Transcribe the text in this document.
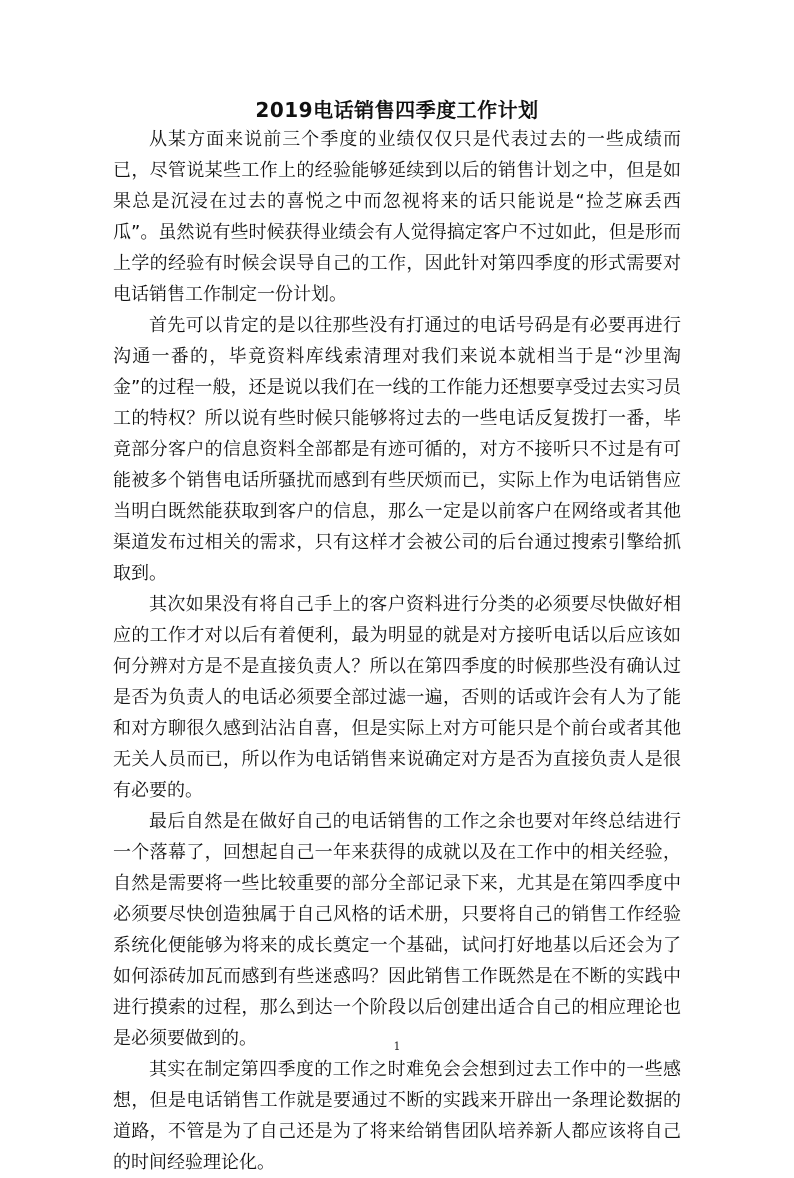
2019电话销售四季度工作计划

从某方面来说前三个季度的业绩仅仅只是代表过去的一些成绩而已，尽管说某些工作上的经验能够延续到以后的销售计划之中，但是如果总是沉浸在过去的喜悦之中而忽视将来的话只能说是“捡芝麻丢西瓜”。虽然说有些时候获得业绩会有人觉得搞定客户不过如此，但是形而上学的经验有时候会误导自己的工作，因此针对第四季度的形式需要对电话销售工作制定一份计划。

首先可以肯定的是以往那些没有打通过的电话号码是有必要再进行沟通一番的，毕竟资料库线索清理对我们来说本就相当于是“沙里淘金”的过程一般，还是说以我们在一线的工作能力还想要享受过去实习员工的特权？所以说有些时候只能够将过去的一些电话反复拨打一番，毕竟部分客户的信息资料全部都是有迹可循的，对方不接听只不过是有可能被多个销售电话所骚扰而感到有些厌烦而已，实际上作为电话销售应当明白既然能获取到客户的信息，那么一定是以前客户在网络或者其他渠道发布过相关的需求，只有这样才会被公司的后台通过搜索引擎给抓取到。

其次如果没有将自己手上的客户资料进行分类的必须要尽快做好相应的工作才对以后有着便利，最为明显的就是对方接听电话以后应该如何分辨对方是不是直接负责人？所以在第四季度的时候那些没有确认过是否为负责人的电话必须要全部过滤一遍，否则的话或许会有人为了能和对方聊很久感到沾沾自喜，但是实际上对方可能只是个前台或者其他无关人员而已，所以作为电话销售来说确定对方是否为直接负责人是很有必要的。

最后自然是在做好自己的电话销售的工作之余也要对年终总结进行一个落幕了，回想起自己一年来获得的成就以及在工作中的相关经验，自然是需要将一些比较重要的部分全部记录下来，尤其是在第四季度中必须要尽快创造独属于自己风格的话术册，只要将自己的销售工作经验系统化便能够为将来的成长奠定一个基础，试问打好地基以后还会为了如何添砖加瓦而感到有些迷惑吗？因此销售工作既然是在不断的实践中进行摸索的过程，那么到达一个阶段以后创建出适合自己的相应理论也是必须要做到的。

其实在制定第四季度的工作之时难免会会想到过去工作中的一些感想，但是电话销售工作就是要通过不断的实践来开辟出一条理论数据的道路，不管是为了自己还是为了将来给销售团队培养新人都应该将自己的时间经验理论化。

1
